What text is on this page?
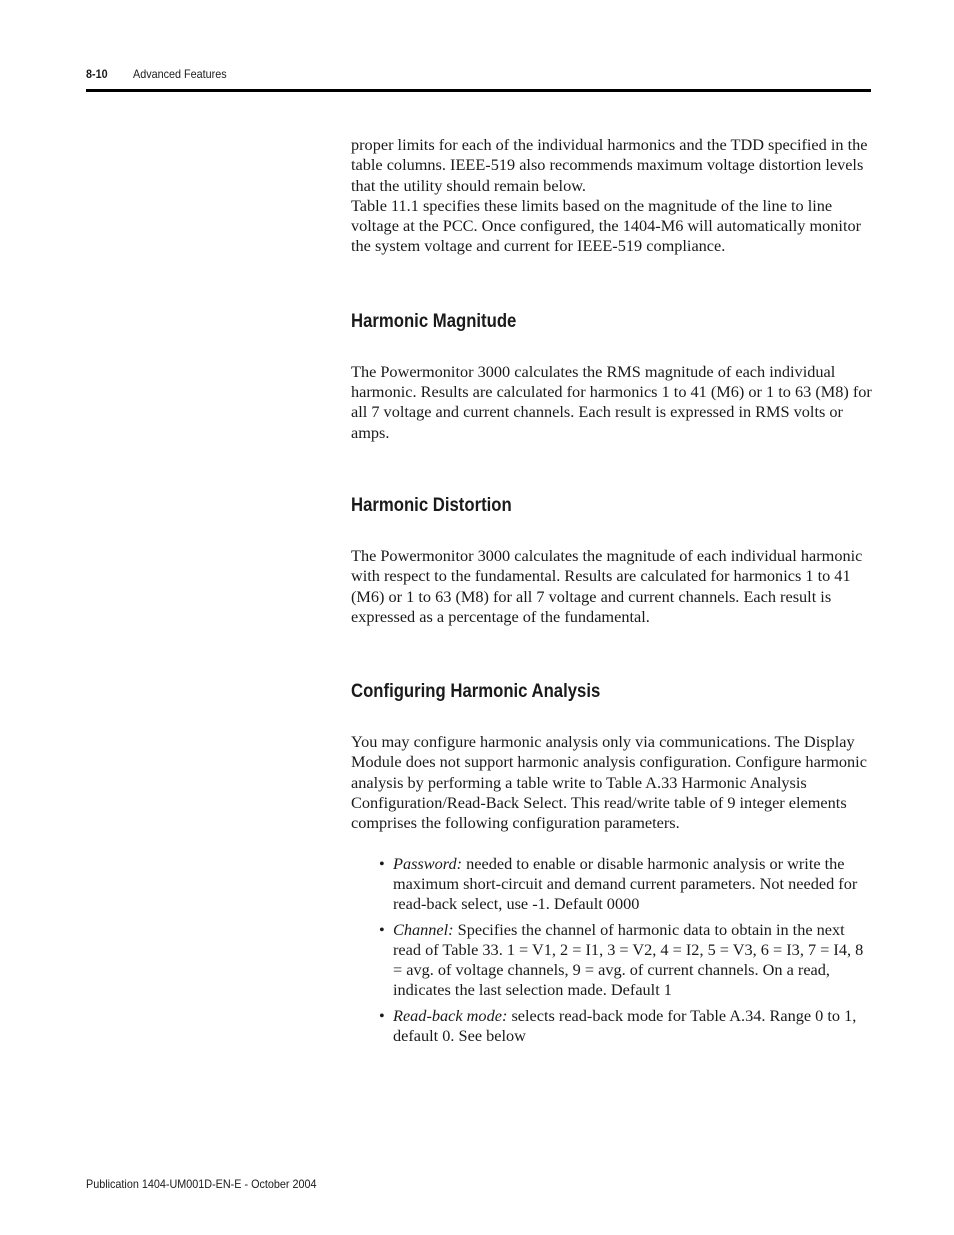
8-10 Advanced Features

proper limits for each of the individual harmonics and the TDD specified in the table columns. IEEE-519 also recommends maximum voltage distortion levels that the utility should remain below.

Table 11.1 specifies these limits based on the magnitude of the line to line voltage at the PCC. Once configured, the 1404-M6 will automatically monitor the system voltage and current for IEEE-519 compliance.

Harmonic Magnitude

The Powermonitor 3000 calculates the RMS magnitude of each individual harmonic. Results are calculated for harmonics 1 to 41 (M6) or 1 to 63 (M8) for all 7 voltage and current channels. Each result is expressed in RMS volts or amps.

Harmonic Distortion

The Powermonitor 3000 calculates the magnitude of each individual harmonic with respect to the fundamental. Results are calculated for harmonics 1 to 41 (M6) or 1 to 63 (M8) for all 7 voltage and current channels. Each result is expressed as a percentage of the fundamental.

Configuring Harmonic Analysis

You may configure harmonic analysis only via communications. The Display Module does not support harmonic analysis configuration. Configure harmonic analysis by performing a table write to Table A.33 Harmonic Analysis Configuration/Read-Back Select. This read/write table of 9 integer elements comprises the following configuration parameters.

• Password: needed to enable or disable harmonic analysis or write the maximum short-circuit and demand current parameters. Not needed for read-back select, use -1. Default 0000
• Channel: Specifies the channel of harmonic data to obtain in the next read of Table 33. 1 = V1, 2 = I1, 3 = V2, 4 = I2, 5 = V3, 6 = I3, 7 = I4, 8 = avg. of voltage channels, 9 = avg. of current channels. On a read, indicates the last selection made. Default 1
• Read-back mode: selects read-back mode for Table A.34. Range 0 to 1, default 0. See below
Publication 1404-UM001D-EN-E - October 2004
